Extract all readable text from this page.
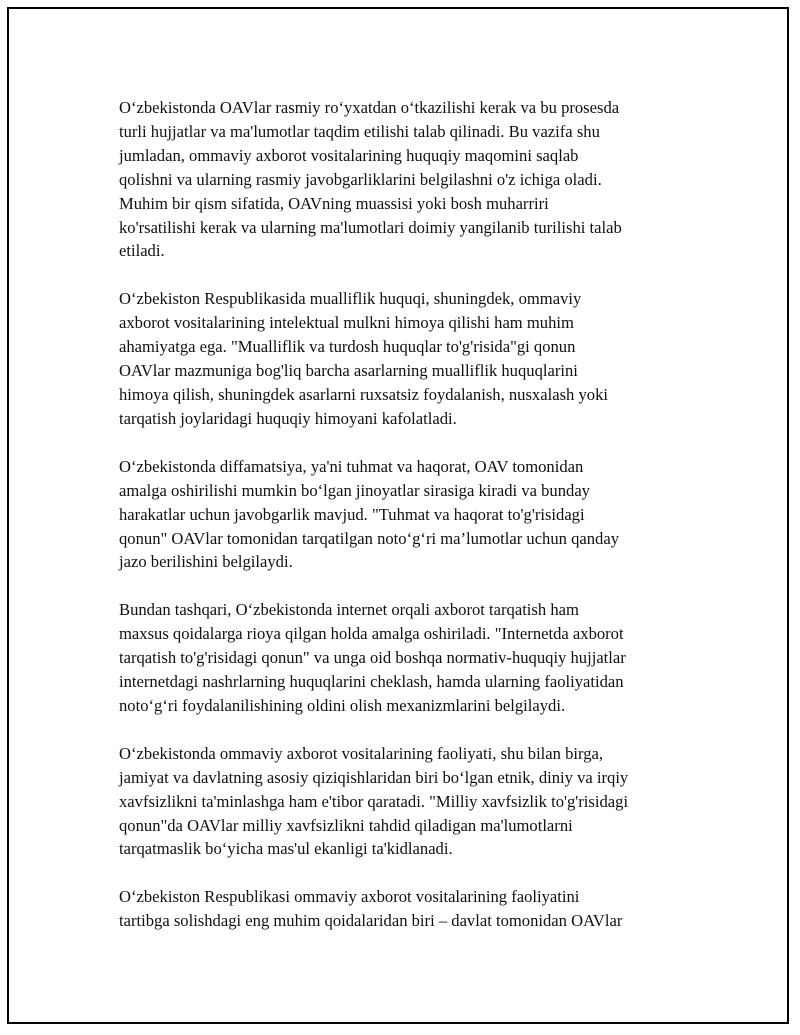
O‘zbekistonda OAVlar rasmiy ro‘yxatdan o‘tkazilishi kerak va bu prosesda
turli hujjatlar va ma'lumotlar taqdim etilishi talab qilinadi. Bu vazifa shu
jumladan, ommaviy axborot vositalarining huquqiy maqomini saqlab
qolishni va ularning rasmiy javobgarliklarini belgilashni o'z ichiga oladi.
Muhim bir qism sifatida, OAVning muassisi yoki bosh muharriri
ko'rsatilishi kerak va ularning ma'lumotlari doimiy yangilanib turilishi talab
etiladi.

O‘zbekiston Respublikasida mualliflik huquqi, shuningdek, ommaviy
axborot vositalarining intelektual mulkni himoya qilishi ham muhim
ahamiyatga ega. "Mualliflik va turdosh huquqlar to'g'risida"gi qonun
OAVlar mazmuniga bog'liq barcha asarlarning mualliflik huquqlarini
himoya qilish, shuningdek asarlarni ruxsatsiz foydalanish, nusxalash yoki
tarqatish joylaridagi huquqiy himoyani kafolatladi.

O‘zbekistonda diffamatsiya, ya'ni tuhmat va haqorat, OAV tomonidan
amalga oshirilishi mumkin bo‘lgan jinoyatlar sirasiga kiradi va bunday
harakatlar uchun javobgarlik mavjud. "Tuhmat va haqorat to'g'risidagi
qonun" OAVlar tomonidan tarqatilgan noto‘g‘ri ma’lumotlar uchun qanday
jazo berilishini belgilaydi.

Bundan tashqari, O‘zbekistonda internet orqali axborot tarqatish ham
maxsus qoidalarga rioya qilgan holda amalga oshiriladi. "Internetda axborot
tarqatish to'g'risidagi qonun" va unga oid boshqa normativ-huquqiy hujjatlar
internetdagi nashrlarning huquqlarini cheklash, hamda ularning faoliyatidan
noto‘g‘ri foydalanilishining oldini olish mexanizmlarini belgilaydi.

O‘zbekistonda ommaviy axborot vositalarining faoliyati, shu bilan birga,
jamiyat va davlatning asosiy qiziqishlaridan biri bo‘lgan etnik, diniy va irqiy
xavfsizlikni ta'minlashga ham e'tibor qaratadi. "Milliy xavfsizlik to'g'risidagi
qonun"da OAVlar milliy xavfsizlikni tahdid qiladigan ma'lumotlarni
tarqatmaslik bo‘yicha mas'ul ekanligi ta'kidlanadi.

O‘zbekiston Respublikasi ommaviy axborot vositalarining faoliyatini
tartibga solishdagi eng muhim qoidalaridan biri – davlat tomonidan OAVlar
